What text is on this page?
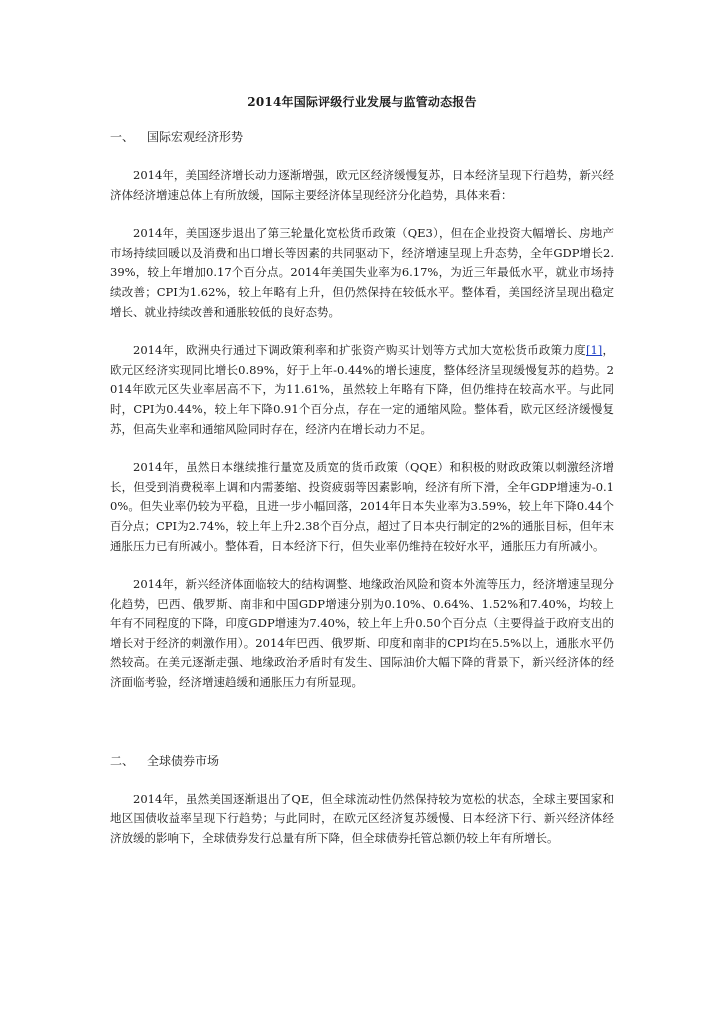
2014年国际评级行业发展与监管动态报告
一、 国际宏观经济形势

2014年，美国经济增长动力逐渐增强，欧元区经济缓慢复苏，日本经济呈现下行趋势，新兴经济体经济增速总体上有所放缓，国际主要经济体呈现经济分化趋势，具体来看：

2014年，美国逐步退出了第三轮量化宽松货币政策（QE3），但在企业投资大幅增长、房地产市场持续回暖以及消费和出口增长等因素的共同驱动下，经济增速呈现上升态势，全年GDP增长2.39%，较上年增加0.17个百分点。2014年美国失业率为6.17%，为近三年最低水平，就业市场持续改善；CPI为1.62%，较上年略有上升，但仍然保持在较低水平。整体看，美国经济呈现出稳定增长、就业持续改善和通胀较低的良好态势。

2014年，欧洲央行通过下调政策利率和扩张资产购买计划等方式加大宽松货币政策力度[1]，欧元区经济实现同比增长0.89%，好于上年-0.44%的增长速度，整体经济呈现缓慢复苏的趋势。2014年欧元区失业率居高不下，为11.61%，虽然较上年略有下降，但仍维持在较高水平。与此同时，CPI为0.44%，较上年下降0.91个百分点，存在一定的通缩风险。整体看，欧元区经济缓慢复苏，但高失业率和通缩风险同时存在，经济内在增长动力不足。

2014年，虽然日本继续推行量宽及质宽的货币政策（QQE）和积极的财政政策以刺激经济增长，但受到消费税率上调和内需萎缩、投资疲弱等因素影响，经济有所下滑，全年GDP增速为-0.10%。但失业率仍较为平稳，且进一步小幅回落，2014年日本失业率为3.59%，较上年下降0.44个百分点；CPI为2.74%，较上年上升2.38个百分点，超过了日本央行制定的2%的通胀目标，但年末通胀压力已有所减小。整体看，日本经济下行，但失业率仍维持在较好水平，通胀压力有所减小。

2014年，新兴经济体面临较大的结构调整、地缘政治风险和资本外流等压力，经济增速呈现分化趋势，巴西、俄罗斯、南非和中国GDP增速分别为0.10%、0.64%、1.52%和7.40%，均较上年有不同程度的下降，印度GDP增速为7.40%，较上年上升0.50个百分点（主要得益于政府支出的增长对于经济的刺激作用）。2014年巴西、俄罗斯、印度和南非的CPI均在5.5%以上，通胀水平仍然较高。在美元逐渐走强、地缘政治矛盾时有发生、国际油价大幅下降的背景下，新兴经济体的经济面临考验，经济增速趋缓和通胀压力有所显现。

二、 全球债券市场

2014年，虽然美国逐渐退出了QE，但全球流动性仍然保持较为宽松的状态，全球主要国家和地区国债收益率呈现下行趋势；与此同时，在欧元区经济复苏缓慢、日本经济下行、新兴经济体经济放缓的影响下，全球债券发行总量有所下降，但全球债券托管总额仍较上年有所增长。
